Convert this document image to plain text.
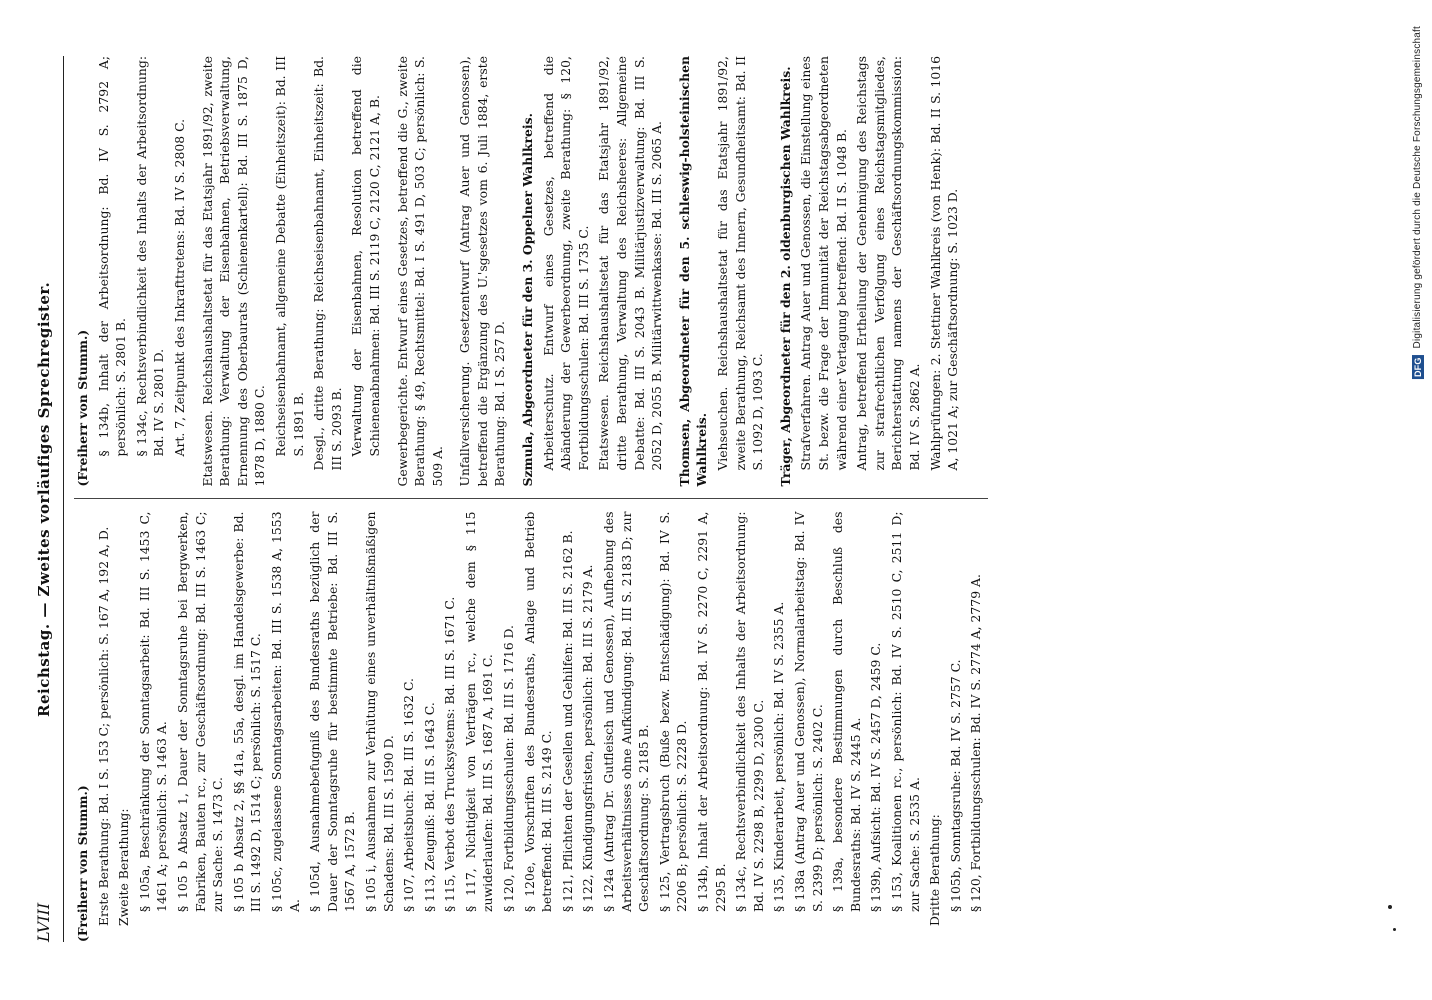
LVIII
Reichstag. — Zweites vorläufiges Sprechregister.
(Freiherr von Stumm.) Erste Berathung: Bd. I S. 153 C; persönlich: S. 167 A, 192 A, D. Zweite Berathung: § 105a, Beschränkung der Sonntagsarbeit: Bd. III S. 1453 C, 1461 A; persönlich: S. 1463 A. § 105 b Absatz 1, Dauer der Sonntagsruhe bei Bergwerken, Fabriken, Bauten rc., zur Geschäftsordnung: Bd. III S. 1463 C; zur Sache: S. 1473 C. § 105 b Absatz 2, §§ 41a, 55a, desgl. im Handelsgewerbe: Bd. III S. 1492 D, 1514 C; persönlich: S. 1517 C. § 105c, zugelassene Sonntagsarbeiten: Bd. III S. 1538 A, 1553 A. § 105d, Ausnahmebefugniß des Bundesraths bezüglich der Dauer der Sonntagsruhe für bestimmte Betriebe: Bd. III S. 1567 A, 1572 B. § 105 i, Ausnahmen zur Verhütung eines unverhältnißmäßigen Schadens: Bd. III S. 1590 D. § 107, Arbeitsbuch: Bd. III S. 1632 C. § 113, Zeugniß: Bd. III S. 1643 C. § 115, Verbot des Trucksystems: Bd. III S. 1671 C. § 117, Nichtigkeit von Verträgen rc., welche dem § 115 zuwiderlaufen: Bd. III S. 1687 A, 1691 C. § 120, Fortbildungsschulen: Bd. III S. 1716 D. § 120e, Vorschriften des Bundesraths, Anlage und Betrieb betreffend: Bd. III S. 2149 C. § 121, Pflichten der Gesellen und Gehilfen: Bd. III S. 2162 B. § 122, Kündigungsfristen, persönlich: Bd. III S. 2179 A. § 124a (Antrag Dr. Gutfleisch und Genossen), Aufhebung des Arbeitsverhältnisses ohne Aufkündigung: Bd. III S. 2183 D; zur Geschäftsordnung: S. 2185 B. § 125, Vertragsbruch (Buße bezw. Entschädigung): Bd. IV S. 2206 B; persönlich: S. 2228 D. § 134b, Inhalt der Arbeitsordnung: Bd. IV S. 2270 C, 2291 A, 2295 B. § 134c, Rechtsverbindlichkeit des Inhalts der Arbeitsordnung: Bd. IV S. 2298 B, 2299 D, 2300 C. § 135, Kinderarbeit, persönlich: Bd. IV S. 2355 A. § 138a (Antrag Auer und Genossen), Normalarbeitstag: Bd. IV S. 2399 D; persönlich: S. 2402 C. § 139a, besondere Bestimmungen durch Beschluß des Bundesraths: Bd. IV S. 2445 A. § 139b, Aufsicht: Bd. IV S. 2457 D, 2459 C. § 153, Koalitionen rc., persönlich: Bd. IV S. 2510 C, 2511 D; zur Sache: S. 2535 A. Dritte Berathung: § 105b, Sonntagsruhe: Bd. IV S. 2757 C. § 120, Fortbildungsschulen: Bd. IV S. 2774 A, 2779 A.
(Freiherr von Stumm.) § 134b, Inhalt der Arbeitsordnung: Bd. IV S. 2792 A; persönlich: S. 2801 B. § 134c, Rechtsverbindlichkeit des Inhalts der Arbeitsordnung: Bd. IV S. 2801 D. Art. 7, Zeitpunkt des Inkrafttretens: Bd. IV S. 2808 C. Etatswesen. Reichshaushaltsetat für das Etatsjahr 1891/92, zweite Berathung: Verwaltung der Eisenbahnen, Betriebsverwaltung, Ernennung des Oberbaurats (Schienenkartell): Bd. III S. 1875 D, 1878 D, 1880 C. Reichseisenbahnamt, allgemeine Debatte (Einheitszeit): Bd. III S. 1891 B. Desgl., dritte Berathung: Reichseisenbahnamt, Einheitszeit: Bd. III S. 2093 B. Verwaltung der Eisenbahnen, Resolution betreffend die Schienenabnahmen: Bd. III S. 2119 C, 2120 C, 2121 A, B. Gewerbegerichte. Entwurf eines Gesetzes, betreffend die G., zweite Berathung: § 49, Rechtsmittel: Bd. I S. 491 D, 503 C; persönlich: S. 509 A. Unfallversicherung. Gesetzentwurf (Antrag Auer und Genossen), betreffend die Ergänzung des U.'sgesetzes vom 6. Juli 1884, erste Berathung: Bd. I S. 257 D. Szmula, Abgeordneter für den 3. Oppelner Wahlkreis. Arbeiterschutz. Entwurf eines Gesetzes, betreffend die Abänderung der Gewerbeordnung, zweite Berathung: § 120, Fortbildungsschulen: Bd. III S. 1735 C. Etatswesen. Reichshaushaltsetat für das Etatsjahr 1891/92, dritte Berathung, Verwaltung des Reichsheeres: Allgemeine Debatte: Bd. III S. 2043 B. Militärjustizverwaltung: Bd. III S. 2052 D, 2055 B. Militärwittwenkasse: Bd. III S. 2065 A. Thomsen, Abgeordneter für den 5. schleswig-holsteinischen Wahlkreis. Viehseuchen. Reichshaushaltsetat für das Etatsjahr 1891/92, zweite Berathung, Reichsamt des Innern, Gesundheitsamt: Bd. II S. 1092 D, 1093 C. Träger, Abgeordneter für den 2. oldenburgischen Wahlkreis. Strafverfahren. Antrag Auer und Genossen, die Einstellung eines St. bezw. die Frage der Immunität der Reichstagsabgeordneten während einer Vertagung betreffend: Bd. II S. 1048 B. Antrag, betreffend Ertheilung der Genehmigung des Reichstags zur strafrechtlichen Verfolgung eines Reichstagsmitgliedes, Berichterstattung namens der Geschäftsordnungskommission: Bd. IV S. 2862 A. Wahlprüfungen: 2. Stettiner Wahlkreis (von Henk): Bd. II S. 1016 A, 1021 A; zur Geschäftsordnung: S. 1023 D.	DFG Digitalisierung gefördert durch die Deutsche Forschungsgemeinschaft
